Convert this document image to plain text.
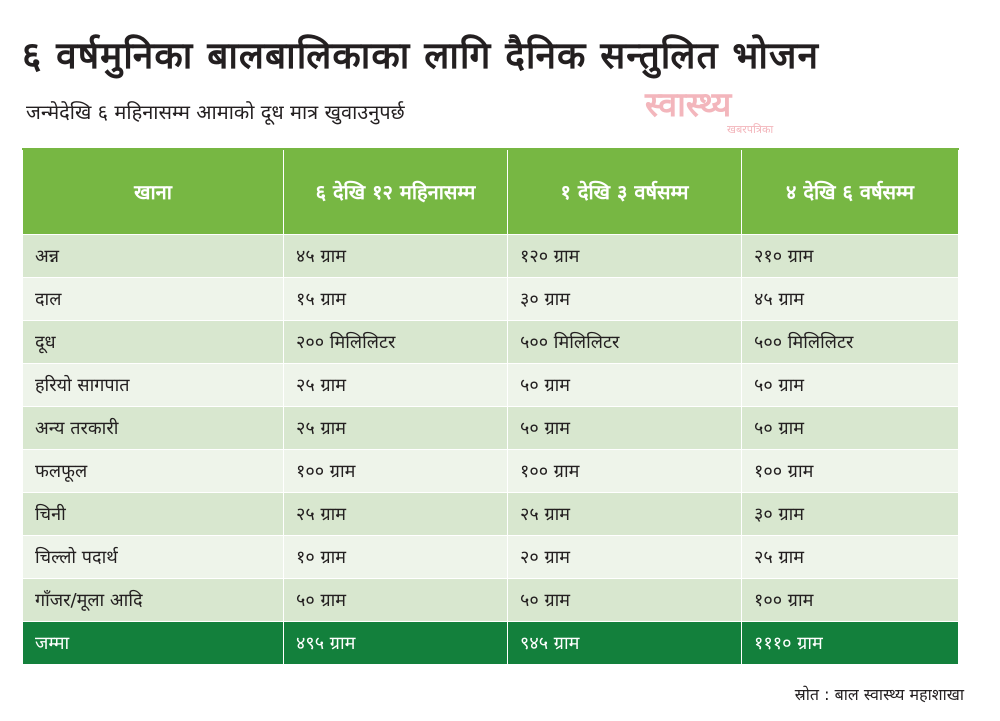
६ वर्षमुनिका बालबालिकाका लागि दैनिक सन्तुलित भोजन
जन्मेदेखि ६ महिनासम्म आमाको दूध मात्र खुवाउनुपर्छ	स्वास्थ्य
खबरपत्रिका
खाना	६ देखि १२ महिनासम्म	१ देखि ३ वर्षसम्म	४ देखि ६ वर्षसम्म
अन्न	४५ ग्राम	१२० ग्राम	२१० ग्राम
दाल	१५ ग्राम	३० ग्राम	४५ ग्राम
दूध	२०० मिलिलिटर	५०० मिलिलिटर	५०० मिलिलिटर
हरियो सागपात	२५ ग्राम	५० ग्राम	५० ग्राम
अन्य तरकारी	२५ ग्राम	५० ग्राम	५० ग्राम
फलफूल	१०० ग्राम	१०० ग्राम	१०० ग्राम
चिनी	२५ ग्राम	२५ ग्राम	३० ग्राम
चिल्लो पदार्थ	१० ग्राम	२० ग्राम	२५ ग्राम
गाँजर/मूला आदि	५० ग्राम	५० ग्राम	१०० ग्राम
जम्मा	४९५ ग्राम	९४५ ग्राम	१११० ग्राम
स्रोत : बाल स्वास्थ्य महाशाखा
